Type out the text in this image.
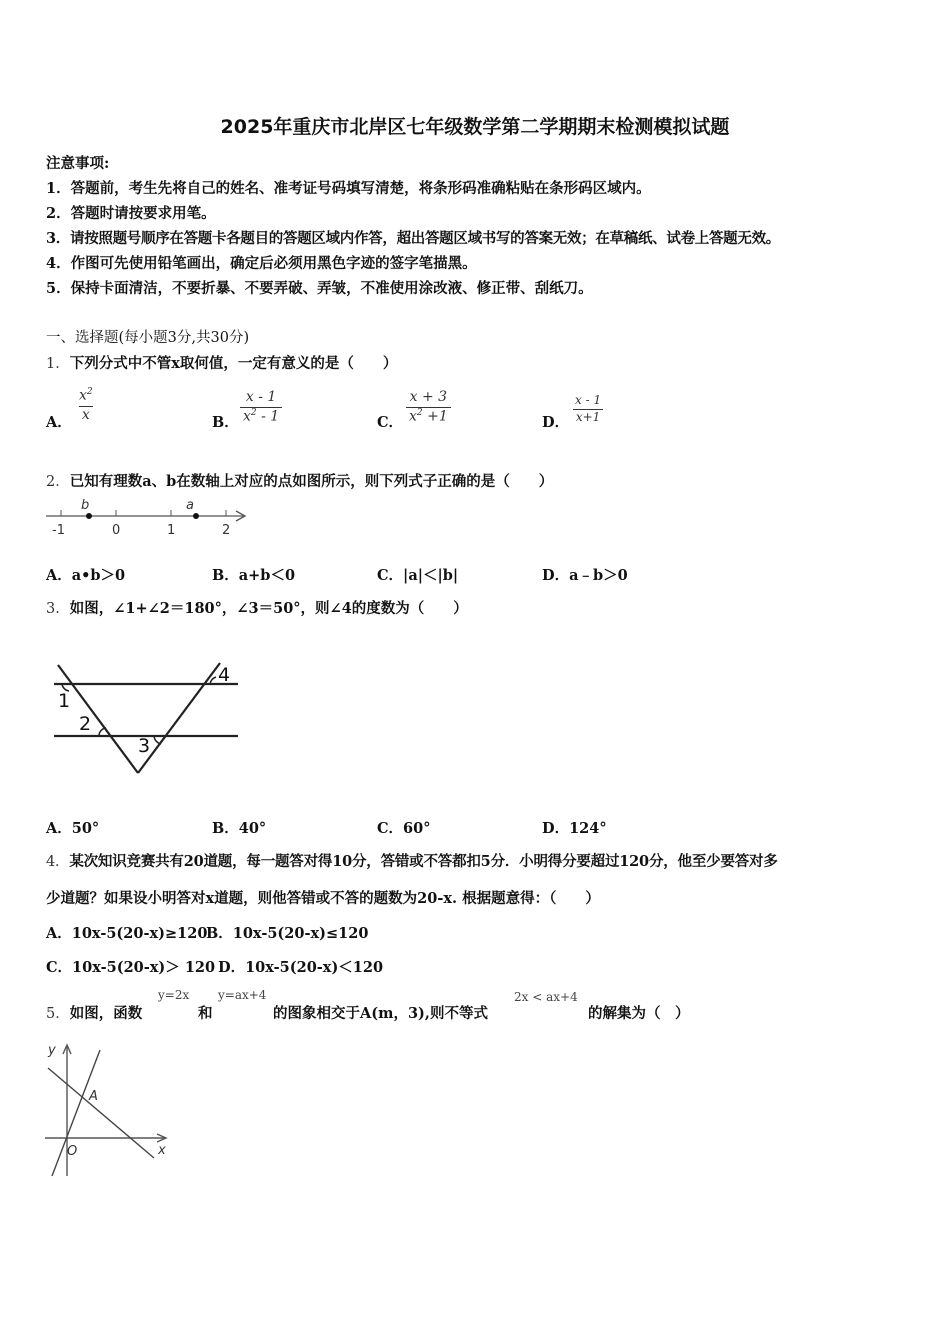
2025年重庆市北岸区七年级数学第二学期期末检测模拟试题
注意事项:
1．答题前，考生先将自己的姓名、准考证号码填写清楚，将条形码准确粘贴在条形码区域内。
2．答题时请按要求用笔。
3．请按照题号顺序在答题卡各题目的答题区域内作答，超出答题区域书写的答案无效；在草稿纸、试卷上答题无效。
4．作图可先使用铅笔画出，确定后必须用黑色字迹的签字笔描黑。
5．保持卡面清洁，不要折暴、不要弄破、弄皱，不准使用涂改液、修正带、刮纸刀。
一、选择题(每小题3分,共30分)
1．下列分式中不管x取何值，一定有意义的是（　　）
A． $\frac{x^2}{x}$	B． $\frac{x - 1}{x^2 - 1}$	C． $\frac{x + 3}{x^2 +1}$	D． $\frac{x - 1}{x+1}$
2．已知有理数a、b在数轴上对应的点如图所示，则下列式子正确的是（　　）
-1	0	1	2
b	a
A．a•b＞0	B．a+b＜0	C．|a|＜|b|	D．a﹣b＞0
3．如图，∠1+∠2＝180°，∠3＝50°，则∠4的度数为（　　）
1
2
3
4
A．50°	B．40°	C．60°	D．124°
4．某次知识竞赛共有20道题，每一题答对得10分，答错或不答都扣5分．小明得分要超过120分，他至少要答对多
少道题？如果设小明答对x道题，则他答错或不答的题数为20-x. 根据题意得：（　　）
A．10x-5(20-x)≥120
B．10x-5(20-x)≤120
C．10x-5(20-x)＞ 120 D．10x-5(20-x)＜120
5．如图，函数
y=2x
和
y=ax+4
的图象相交于A(m，3),则不等式
2x < ax+4
的解集为（　）
y
x
O
A
